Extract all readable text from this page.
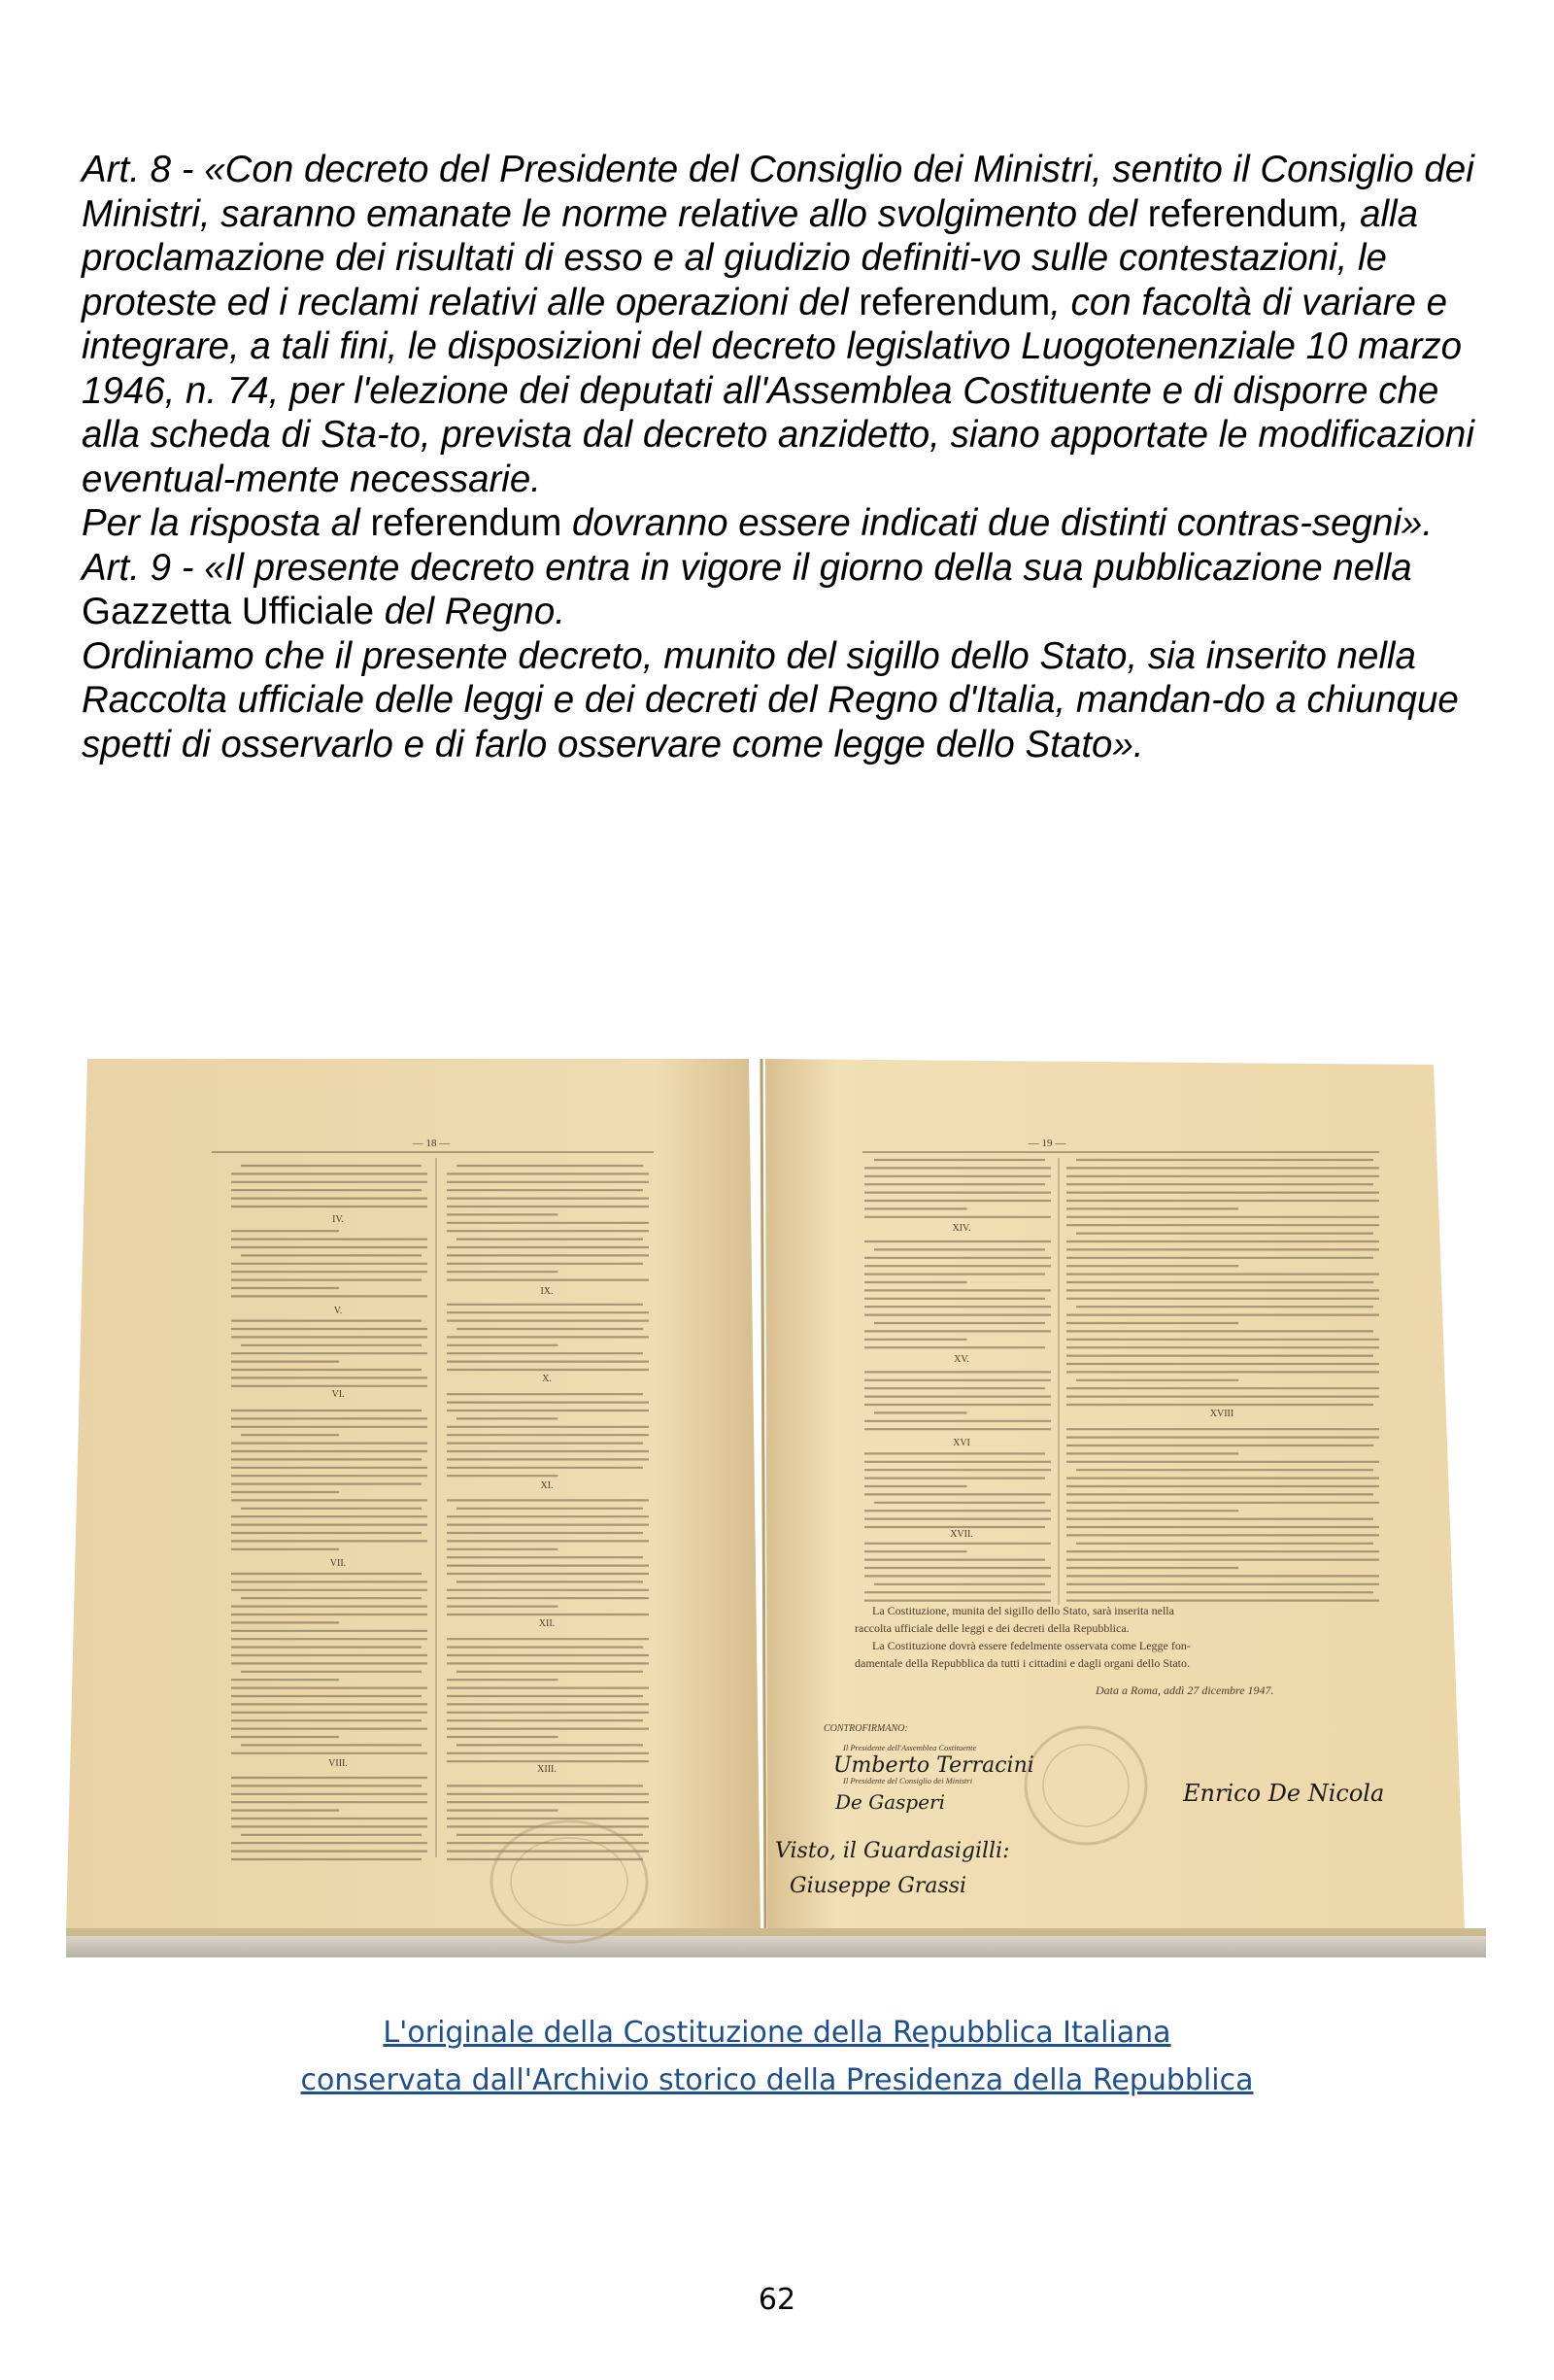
Art. 8 - «Con decreto del Presidente del Consiglio dei Ministri, sentito il Consiglio dei Ministri, saranno emanate le norme relative allo svolgimento del referendum, alla proclamazione dei risultati di esso e al giudizio definiti-vo sulle contestazioni, le proteste ed i reclami relativi alle operazioni del referendum, con facoltà di variare e integrare, a tali fini, le disposizioni del decreto legislativo Luogotenenziale 10 marzo 1946, n. 74, per l'elezione dei deputati all'Assemblea Costituente e di disporre che alla scheda di Sta-to, prevista dal decreto anzidetto, siano apportate le modificazioni eventual-mente necessarie.

Per la risposta al referendum dovranno essere indicati due distinti contras-segni».

Art. 9 - «Il presente decreto entra in vigore il giorno della sua pubblicazione nella Gazzetta Ufficiale del Regno.

Ordiniamo che il presente decreto, munito del sigillo dello Stato, sia inserito nella Raccolta ufficiale delle leggi e dei decreti del Regno d'Italia, mandan-do a chiunque spetti di osservarlo e di farlo osservare come legge dello Stato».

— 18 —
IV.
V.
VI.
VII.
VIII.
IX.
X.
XI.
XII.
XIII.
— 19 —
XIV.
XV.
XVI
XVII.
XVIII
La Costituzione, munita del sigillo dello Stato, sarà inserita nella
raccolta ufficiale delle leggi e dei decreti della Repubblica.
La Costituzione dovrà essere fedelmente osservata come Legge fon-
damentale della Repubblica da tutti i cittadini e dagli organi dello Stato.
Data a Roma, addì 27 dicembre 1947.
CONTROFIRMANO:
Il Presidente dell'Assemblea Costituente
Il Presidente del Consiglio dei Ministri
Umberto Terracini
De Gasperi	Enrico De Nicola
Visto, il Guardasigilli:
Giuseppe Grassi
L'originale della Costituzione della Repubblica Italiana
conservata dall'Archivio storico della Presidenza della Repubblica
62
